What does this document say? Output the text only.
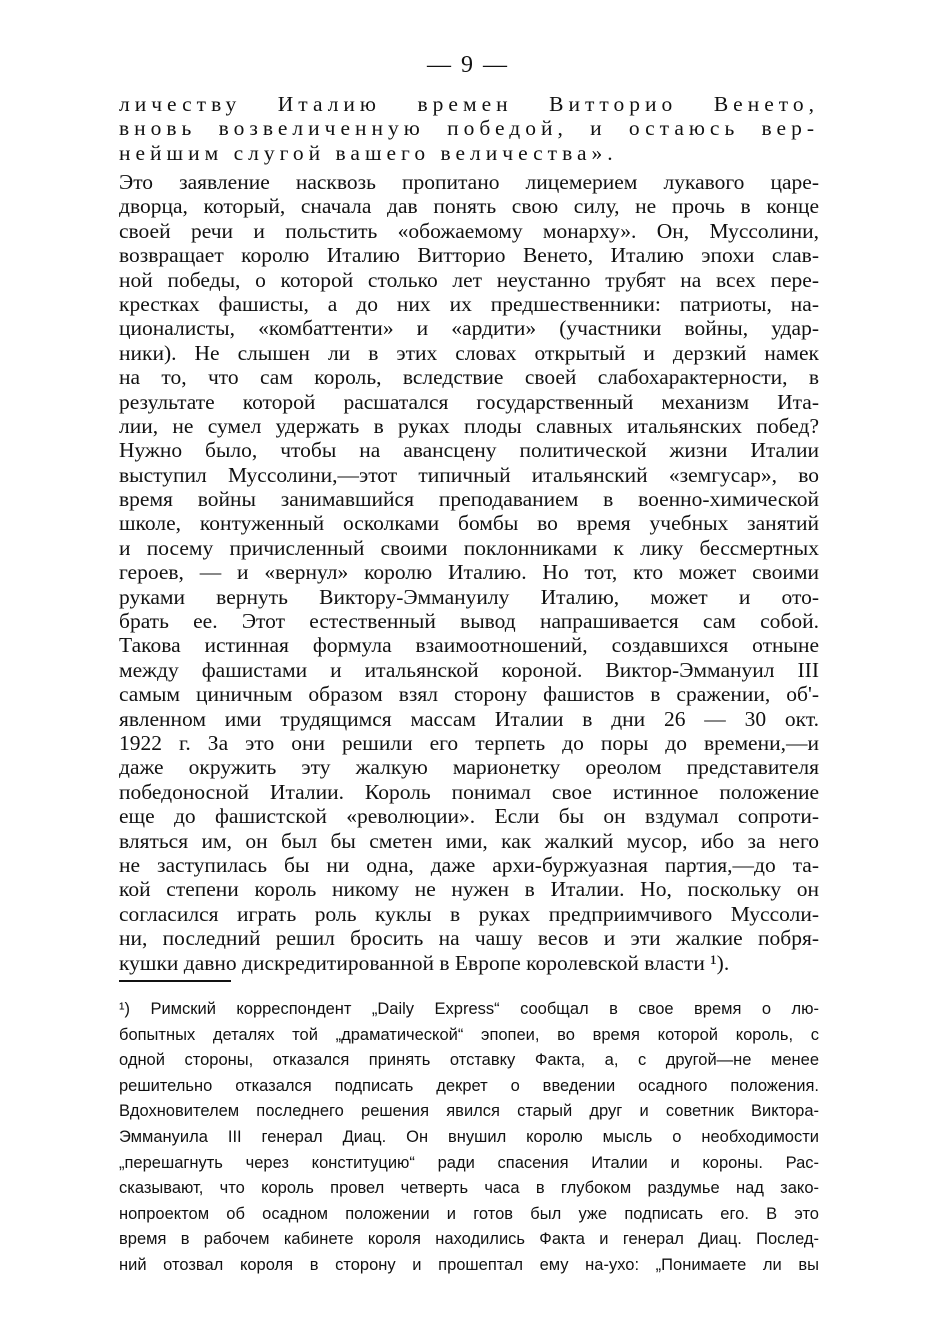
— 9 —
личеству Италию времен Витторио Венето,
вновь возвеличенную победой, и остаюсь вер-
нейшим слугой вашего величества».
Это заявление насквозь пропитано лицемерием лукавого царе-
дворца, который, сначала дав понять свою силу, не прочь в конце
своей речи и польстить «обожаемому монарху». Он, Муссолини,
возвращает королю Италию Витторио Венето, Италию эпохи слав-
ной победы, о которой столько лет неустанно трубят на всех пере-
крестках фашисты, а до них их предшественники: патриоты, на-
ционалисты, «комбаттенти» и «ардити» (участники войны, удар-
ники). Не слышен ли в этих словах открытый и дерзкий намек
на то, что сам король, вследствие своей слабохарактерности, в
результате которой расшатался государственный механизм Ита-
лии, не сумел удержать в руках плоды славных итальянских побед?
Нужно было, чтобы на авансцену политической жизни Италии
выступил Муссолини,—этот типичный итальянский «земгусар», во
время войны занимавшийся преподаванием в военно-химической
школе, контуженный осколками бомбы во время учебных занятий
и посему причисленный своими поклонниками к лику бессмертных
героев, — и «вернул» королю Италию. Но тот, кто может своими
руками вернуть Виктору-Эммануилу Италию, может и ото-
брать ее. Этот естественный вывод напрашивается сам собой.
Такова истинная формула взаимоотношений, создавшихся отныне
между фашистами и итальянской короной. Виктор-Эммануил III
самым циничным образом взял сторону фашистов в сражении, об'-
явленном ими трудящимся массам Италии в дни 26 — 30 окт.
1922 г. За это они решили его терпеть до поры до времени,—и
даже окружить эту жалкую марионетку ореолом представителя
победоносной Италии. Король понимал свое истинное положение
еще до фашистской «революции». Если бы он вздумал сопроти-
вляться им, он был бы сметен ими, как жалкий мусор, ибо за него
не заступилась бы ни одна, даже архи-буржуазная партия,—до та-
кой степени король никому не нужен в Италии. Но, поскольку он
согласился играть роль куклы в руках предприимчивого Муссоли-
ни, последний решил бросить на чашу весов и эти жалкие побря-
кушки давно дискредитированной в Европе королевской власти ¹).
¹) Римский корреспондент „Daily Express“ сообщал в свое время о лю-
бопытных деталях той „драматической“ эпопеи, во время которой король, с
одной стороны, отказался принять отставку Факта, а, с другой—не менее
решительно отказался подписать декрет о введении осадного положения.
Вдохновителем последнего решения явился старый друг и советник Виктора-
Эммануила III генерал Диац. Он внушил королю мысль о необходимости
„перешагнуть через конституцию“ ради спасения Италии и короны. Рас-
сказывают, что король провел четверть часа в глубоком раздумье над зако-
нопроектом об осадном положении и готов был уже подписать его. В это
время в рабочем кабинете короля находились Факта и генерал Диац. Послед-
ний отозвал короля в сторону и прошептал ему на-ухо: „Понимаете ли вы
